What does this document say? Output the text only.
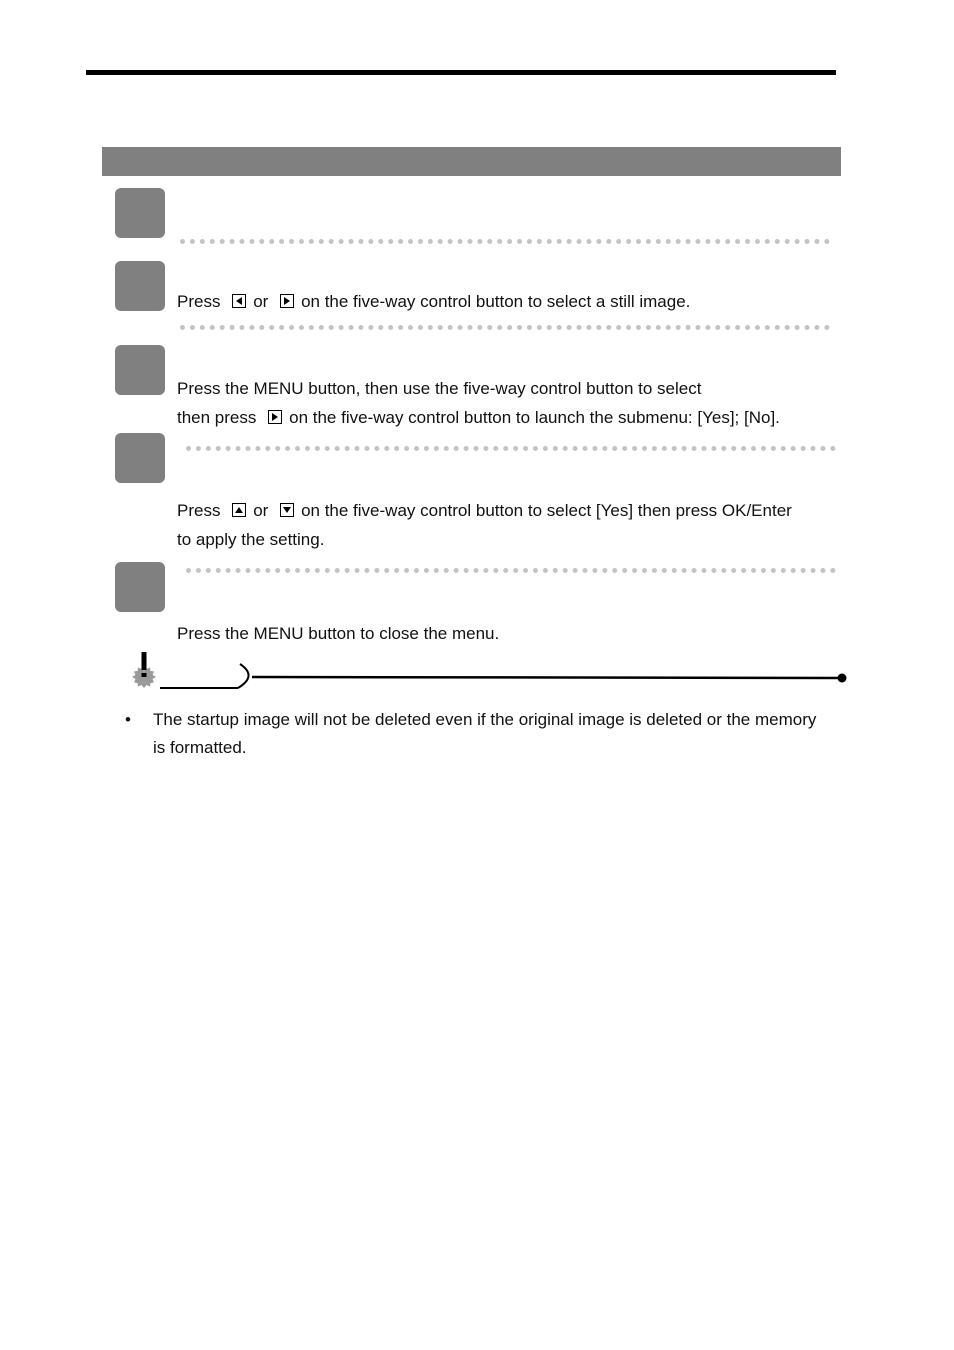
Press or on the five-way control button to select a still image.
Press the MENU button, then use the five-way control button to select
then press on the five-way control button to launch the submenu: [Yes]; [No].
Press or on the five-way control button to select [Yes] then press OK/Enter
to apply the setting.
Press the MENU button to close the menu.
• The startup image will not be deleted even if the original image is deleted or the memory is formatted.
